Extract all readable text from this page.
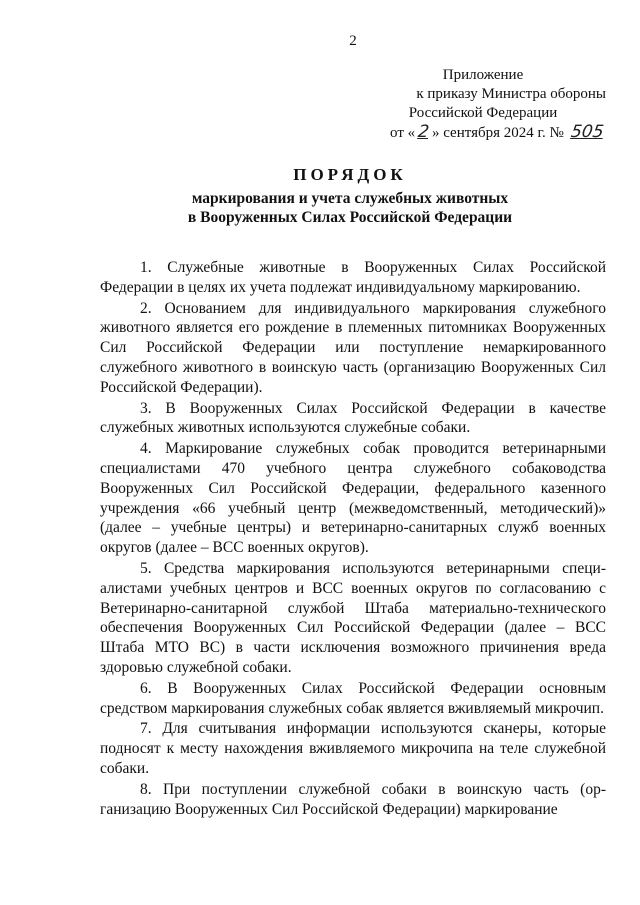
2
Приложение
к приказу Министра обороны
Российской Федерации
от «2 » сентября 2024 г. № 505
ПОРЯДОК
маркирования и учета служебных животных
в Вооруженных Силах Российской Федерации

1. Служебные животные в Вооруженных Силах Российской Федерации в целях их учета подлежат индивидуальному маркированию.

2. Основанием для индивидуального маркирования служебного животного является его рождение в племенных питомниках Вооруженных Сил Российской Федерации или поступление немаркированного служебного животного в воинскую часть (организацию Вооруженных Сил Российской Федерации).

3. В Вооруженных Силах Российской Федерации в качестве служебных животных используются служебные собаки.

4. Маркирование служебных собак проводится ветеринарными специалистами 470 учебного центра служебного собаководства Вооруженных Сил Российской Федерации, федерального казенного учреждения «66 учебный центр (межведомственный, методический)» (далее – учебные центры) и ветеринарно-санитарных служб военных округов (далее – ВСС военных округов).

5. Средства маркирования используются ветеринарными специалистами учебных центров и ВСС военных округов по согласованию с Ветеринарно-санитарной службой Штаба материально-технического обеспечения Вооруженных Сил Российской Федерации (далее – ВСС Штаба МТО ВС) в части исключения возможного причинения вреда здоровью служебной собаки.

6. В Вооруженных Силах Российской Федерации основным средством маркирования служебных собак является вживляемый микрочип.

7. Для считывания информации используются сканеры, которые подносят к месту нахождения вживляемого микрочипа на теле служебной собаки.

8. При поступлении служебной собаки в воинскую часть (организацию Вооруженных Сил Российской Федерации) маркирование
